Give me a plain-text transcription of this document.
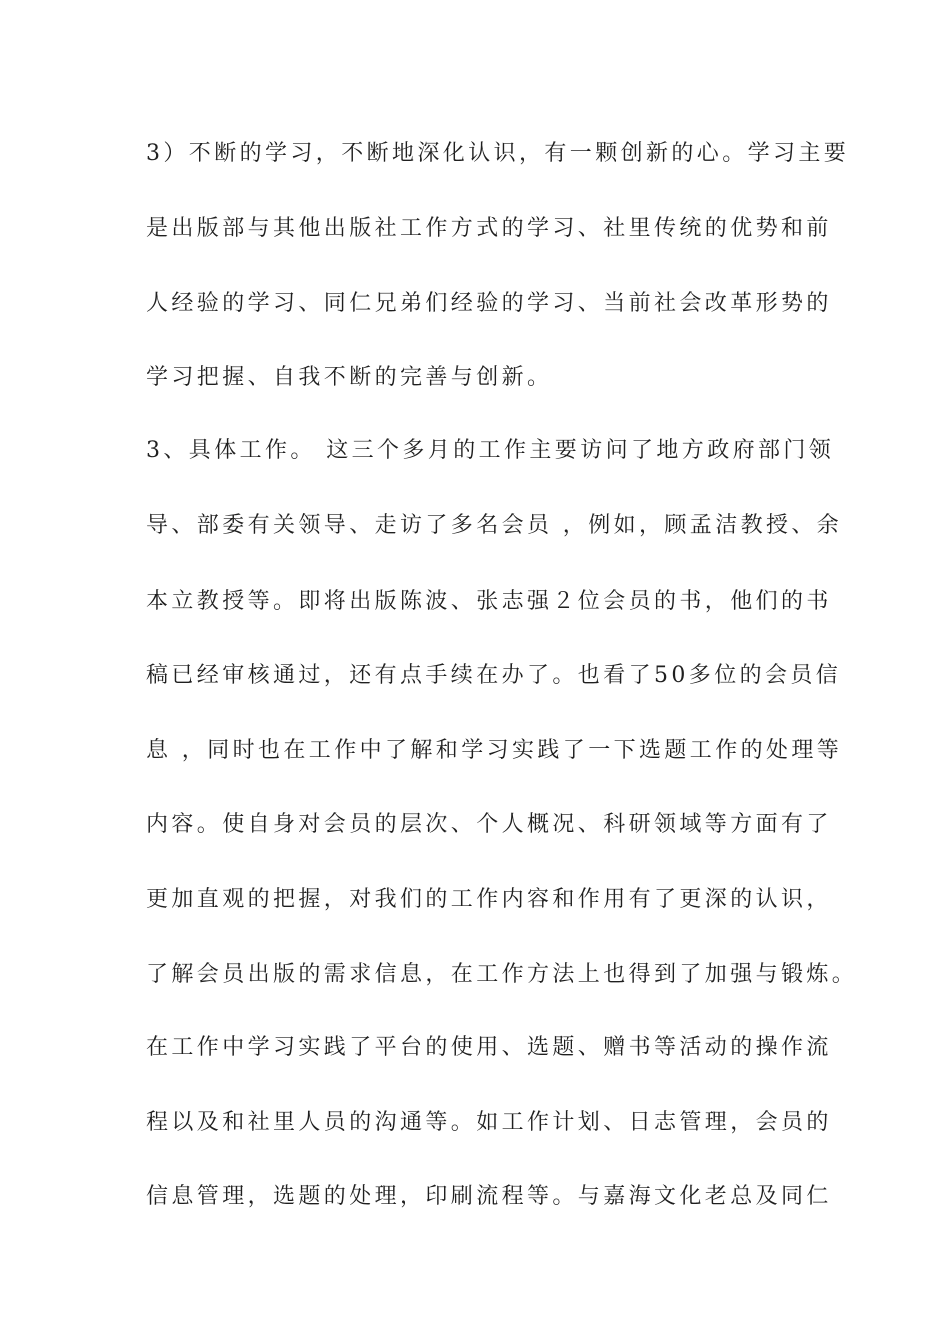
3）不断的学习，不断地深化认识，有一颗创新的心。学习主要

是出版部与其他出版社工作方式的学习、社里传统的优势和前

人经验的学习、同仁兄弟们经验的学习、当前社会改革形势的

学习把握、自我不断的完善与创新。

3、具体工作。 这三个多月的工作主要访问了地方政府部门领

导、部委有关领导、走访了多名会员 ，例如，顾孟洁教授、余

本立教授等。即将出版陈波、张志强２位会员的书，他们的书

稿已经审核通过，还有点手续在办了。也看了50多位的会员信

息 ，同时也在工作中了解和学习实践了一下选题工作的处理等

内容。使自身对会员的层次、个人概况、科研领域等方面有了

更加直观的把握，对我们的工作内容和作用有了更深的认识，

了解会员出版的需求信息，在工作方法上也得到了加强与锻炼。

在工作中学习实践了平台的使用、选题、赠书等活动的操作流

程以及和社里人员的沟通等。如工作计划、日志管理，会员的

信息管理，选题的处理，印刷流程等。与嘉海文化老总及同仁
